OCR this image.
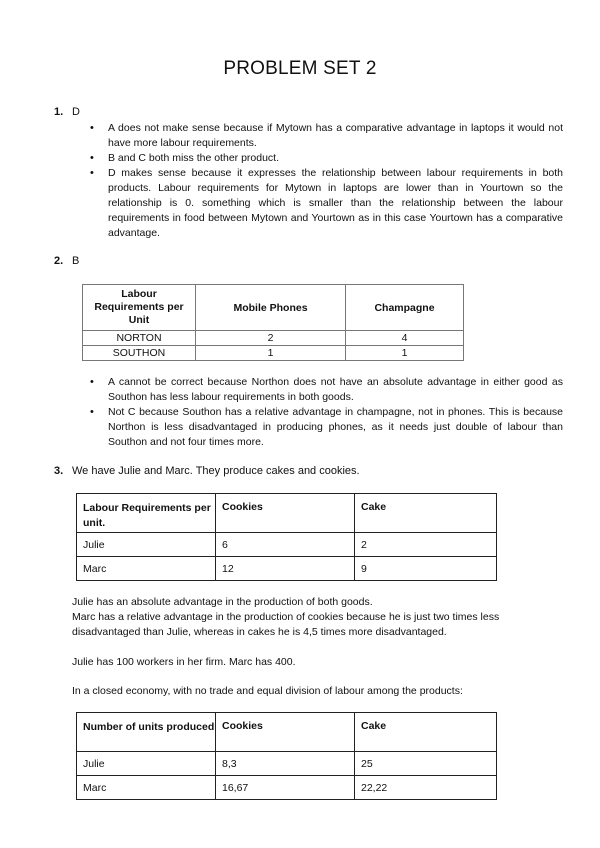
PROBLEM SET 2
1. D
• A does not make sense because if Mytown has a comparative advantage in laptops it would not have more labour requirements.
• B and C both miss the other product.
• D makes sense because it expresses the relationship between labour requirements in both products. Labour requirements for Mytown in laptops are lower than in Yourtown so the relationship is 0. something which is smaller than the relationship between the labour requirements in food between Mytown and Yourtown as in this case Yourtown has a comparative advantage.
2. B
Labour Requirements per Unit	Mobile Phones	Champagne
NORTON	2	4
SOUTHON	1	1
• A cannot be correct because Northon does not have an absolute advantage in either good as Southon has less labour requirements in both goods.
• Not C because Southon has a relative advantage in champagne, not in phones. This is because Northon is less disadvantaged in producing phones, as it needs just double of labour than Southon and not four times more.
3. We have Julie and Marc. They produce cakes and cookies.
Labour Requirements per unit.	Cookies	Cake
Julie	6	2
Marc	12	9
Julie has an absolute advantage in the production of both goods.
Marc has a relative advantage in the production of cookies because he is just two times less disadvantaged than Julie, whereas in cakes he is 4,5 times more disadvantaged.
Julie has 100 workers in her firm. Marc has 400.
In a closed economy, with no trade and equal division of labour among the products:
Number of units produced	Cookies	Cake
Julie	8,3	25
Marc	16,67	22,22
